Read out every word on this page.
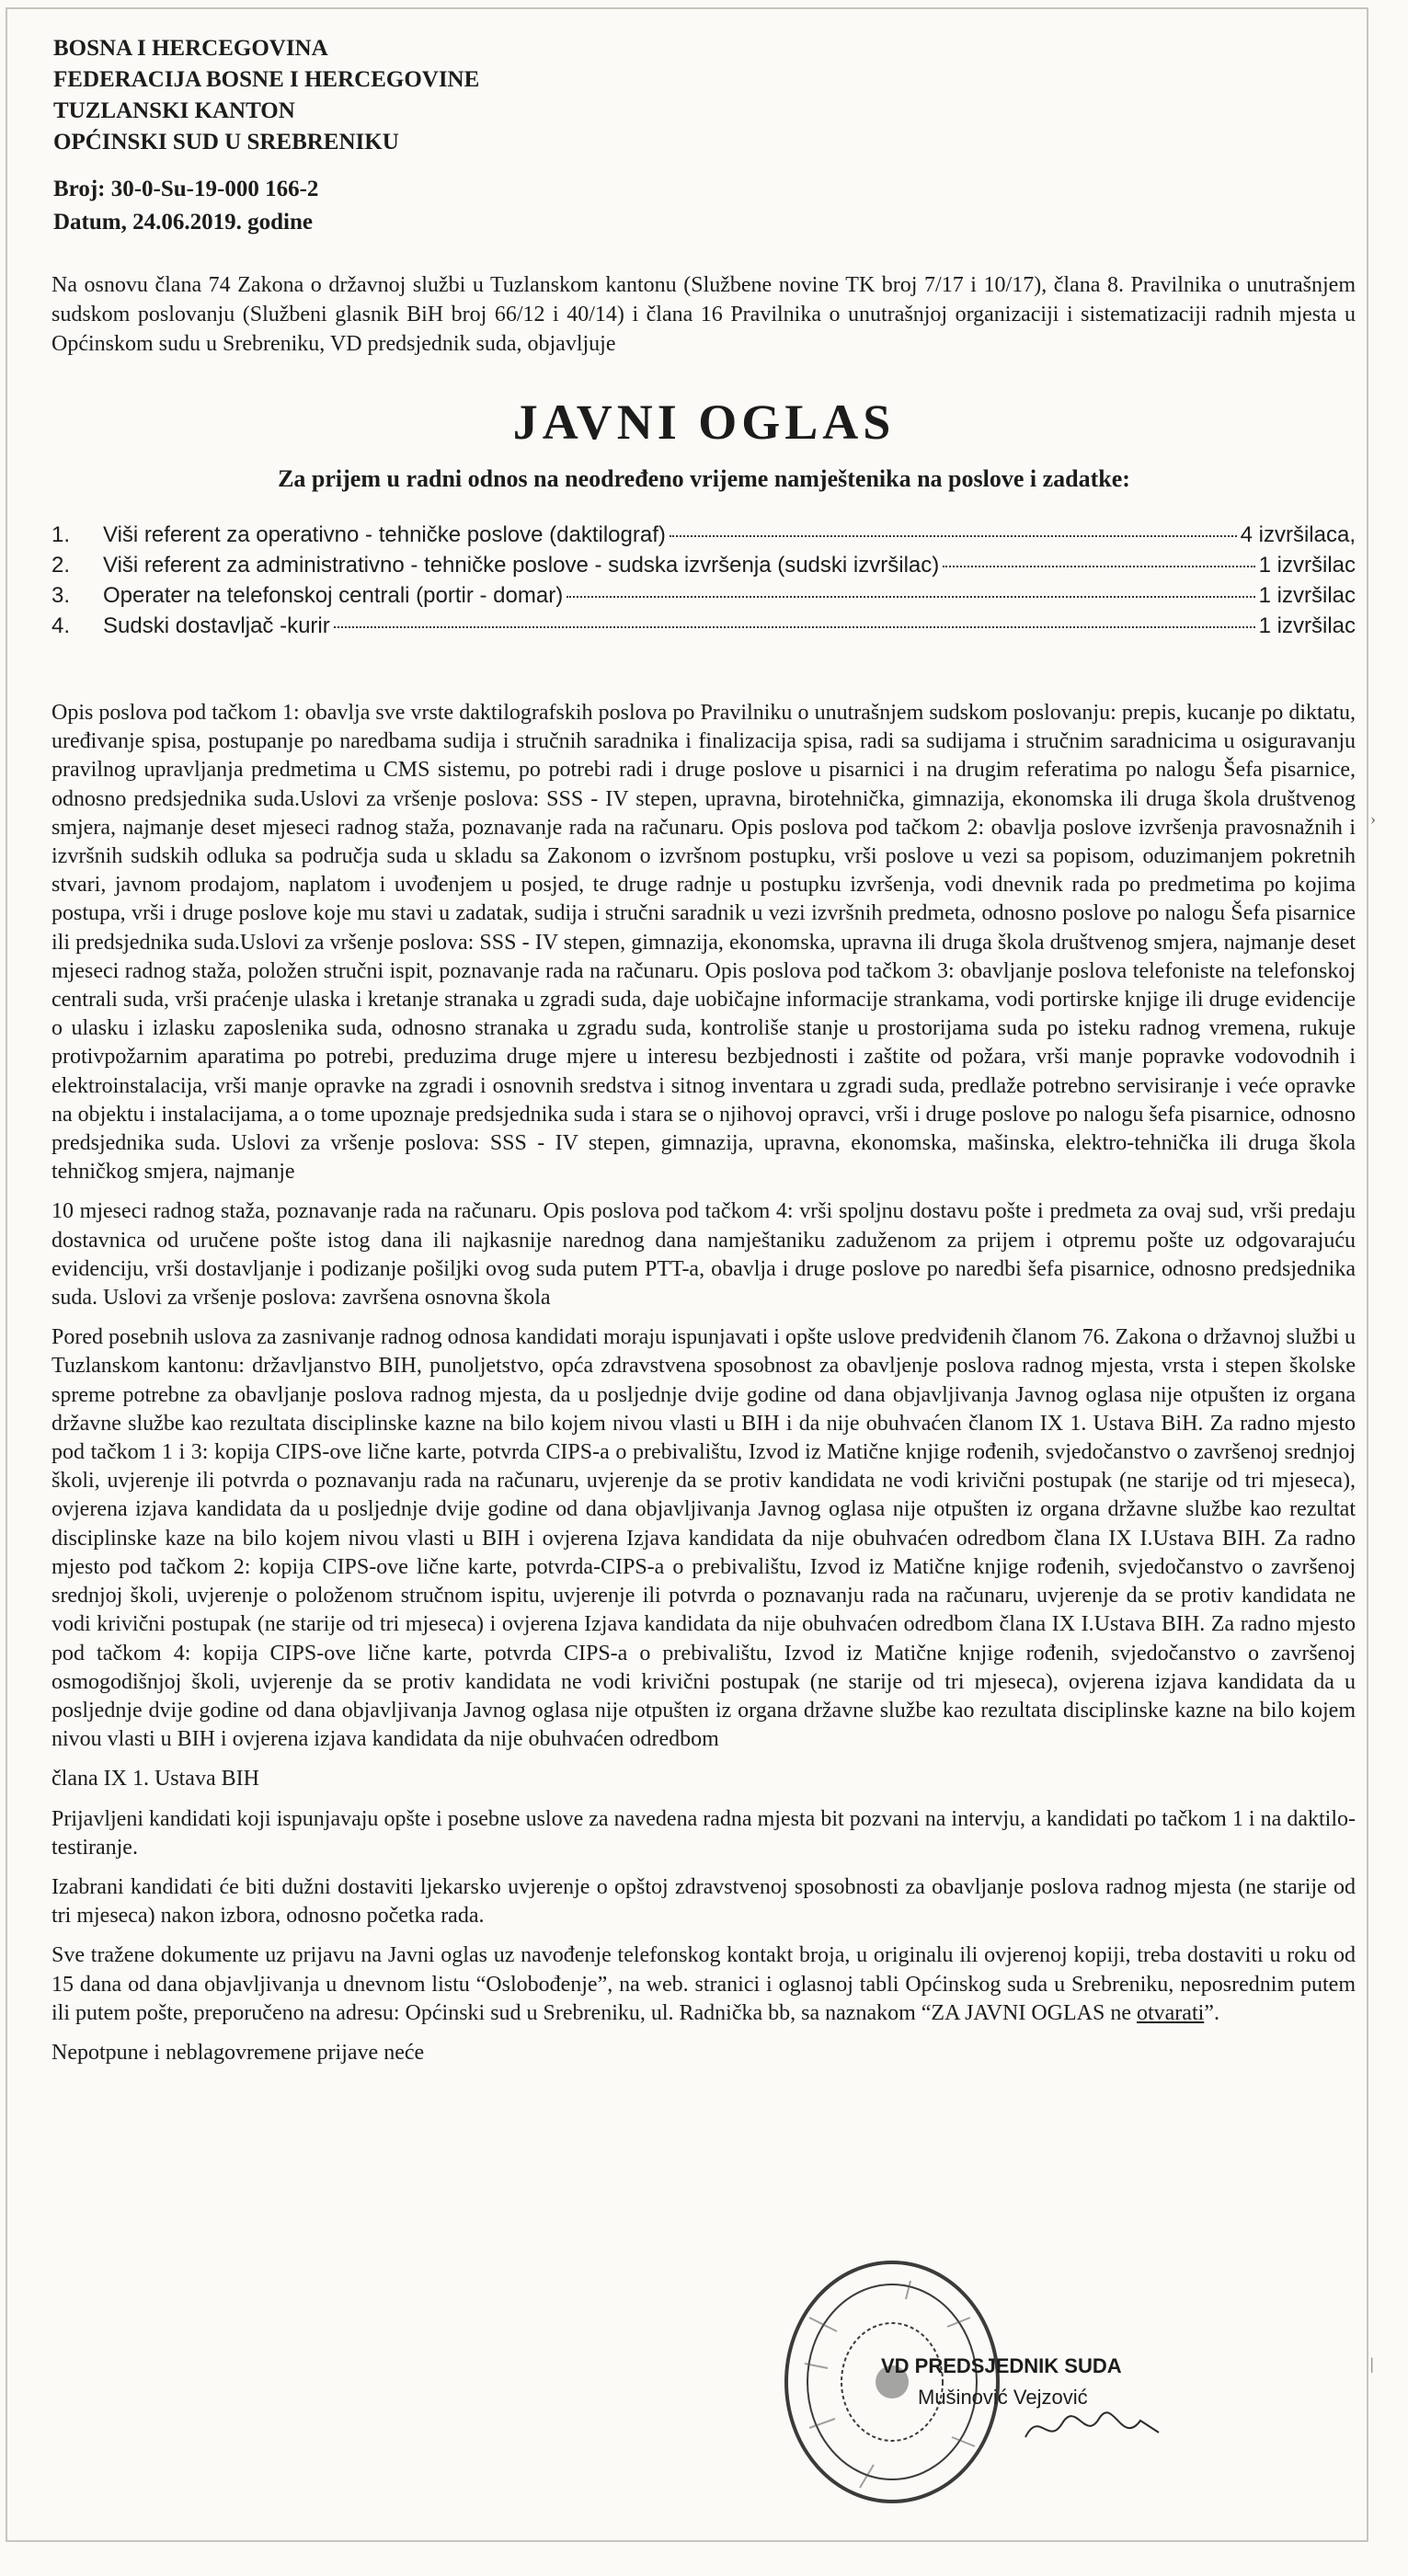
BOSNA I HERCEGOVINA
FEDERACIJA BOSNE I HERCEGOVINE
TUZLANSKI KANTON
OPĆINSKI SUD U SREBRENIKU
Broj: 30-0-Su-19-000 166-2
Datum, 24.06.2019. godine
Na osnovu člana 74 Zakona o državnoj službi u Tuzlanskom kantonu (Službene novine TK broj 7/17 i 10/17), člana 8. Pravilnika o unutrašnjem sudskom poslovanju (Službeni glasnik BiH broj 66/12 i 40/14) i člana 16 Pravilnika o unutrašnjoj organizaciji i sistematizaciji radnih mjesta u Općinskom sudu u Srebreniku, VD predsjednik suda, objavljuje
JAVNI OGLAS
Za prijem u radni odnos na neodređeno vrijeme namještenika na poslove i zadatke:
1.	Viši referent za operativno - tehničke poslove (daktilograf)	4 izvršilaca,
2.	Viši referent za administrativno - tehničke poslove - sudska izvršenja (sudski izvršilac)	1 izvršilac
3.	Operater na telefonskoj centrali (portir - domar)	1 izvršilac
4.	Sudski dostavljač -kurir	1 izvršilac

Opis poslova pod tačkom 1: obavlja sve vrste daktilografskih poslova po Pravilniku o unutrašnjem sudskom poslovanju: prepis, kucanje po diktatu, uređivanje spisa, postupanje po naredbama sudija i stručnih saradnika i finalizacija spisa, radi sa sudijama i stručnim saradnicima u osiguravanju pravilnog upravljanja predmetima u CMS sistemu, po potrebi radi i druge poslove u pisarnici i na drugim referatima po nalogu Šefa pisarnice, odnosno predsjednika suda.Uslovi za vršenje poslova: SSS - IV stepen, upravna, birotehnička, gimnazija, ekonomska ili druga škola društvenog smjera, najmanje deset mjeseci radnog staža, poznavanje rada na računaru. Opis poslova pod tačkom 2: obavlja poslove izvršenja pravosnažnih i izvršnih sudskih odluka sa područja suda u skladu sa Zakonom o izvršnom postupku, vrši poslove u vezi sa popisom, oduzimanjem pokretnih stvari, javnom prodajom, naplatom i uvođenjem u posjed, te druge radnje u postupku izvršenja, vodi dnevnik rada po predmetima po kojima postupa, vrši i druge poslove koje mu stavi u zadatak, sudija i stručni saradnik u vezi izvršnih predmeta, odnosno poslove po nalogu Šefa pisarnice ili predsjednika suda.Uslovi za vršenje poslova: SSS - IV stepen, gimnazija, ekonomska, upravna ili druga škola društvenog smjera, najmanje deset mjeseci radnog staža, položen stručni ispit, poznavanje rada na računaru. Opis poslova pod tačkom 3: obavljanje poslova telefoniste na telefonskoj centrali suda, vrši praćenje ulaska i kretanje stranaka u zgradi suda, daje uobičajne informacije strankama, vodi portirske knjige ili druge evidencije o ulasku i izlasku zaposlenika suda, odnosno stranaka u zgradu suda, kontroliše stanje u prostorijama suda po isteku radnog vremena, rukuje protivpožarnim aparatima po potrebi, preduzima druge mjere u interesu bezbjednosti i zaštite od požara, vrši manje popravke vodovodnih i elektroinstalacija, vrši manje opravke na zgradi i osnovnih sredstva i sitnog inventara u zgradi suda, predlaže potrebno servisiranje i veće opravke na objektu i instalacijama, a o tome upoznaje predsjednika suda i stara se o njihovoj opravci, vrši i druge poslove po nalogu šefa pisarnice, odnosno predsjednika suda. Uslovi za vršenje poslova: SSS - IV stepen, gimnazija, upravna, ekonomska, mašinska, elektro-tehnička ili druga škola tehničkog smjera, najmanje

10 mjeseci radnog staža, poznavanje rada na računaru. Opis poslova pod tačkom 4: vrši spoljnu dostavu pošte i predmeta za ovaj sud, vrši predaju dostavnica od uručene pošte istog dana ili najkasnije narednog dana namještaniku zaduženom za prijem i otpremu pošte uz odgovarajuću evidenciju, vrši dostavljanje i podizanje pošiljki ovog suda putem PTT-a, obavlja i druge poslove po naredbi šefa pisarnice, odnosno predsjednika suda. Uslovi za vršenje poslova: završena osnovna škola

Pored posebnih uslova za zasnivanje radnog odnosa kandidati moraju ispunjavati i opšte uslove predviđenih članom 76. Zakona o državnoj službi u Tuzlanskom kantonu: državljanstvo BIH, punoljetstvo, opća zdravstvena sposobnost za obavljenje poslova radnog mjesta, vrsta i stepen školske spreme potrebne za obavljanje poslova radnog mjesta, da u posljednje dvije godine od dana objavljivanja Javnog oglasa nije otpušten iz organa državne službe kao rezultata disciplinske kazne na bilo kojem nivou vlasti u BIH i da nije obuhvaćen članom IX 1. Ustava BiH. Za radno mjesto pod tačkom 1 i 3: kopija CIPS-ove lične karte, potvrda CIPS-a o prebivalištu, Izvod iz Matične knjige rođenih, svjedočanstvo o završenoj srednjoj školi, uvjerenje ili potvrda o poznavanju rada na računaru, uvjerenje da se protiv kandidata ne vodi krivični postupak (ne starije od tri mjeseca), ovjerena izjava kandidata da u posljednje dvije godine od dana objavljivanja Javnog oglasa nije otpušten iz organa državne službe kao rezultat disciplinske kaze na bilo kojem nivou vlasti u BIH i ovjerena Izjava kandidata da nije obuhvaćen odredbom člana IX I.Ustava BIH. Za radno mjesto pod tačkom 2: kopija CIPS-ove lične karte, potvrda-CIPS-a o prebivalištu, Izvod iz Matične knjige rođenih, svjedočanstvo o završenoj srednjoj školi, uvjerenje o položenom stručnom ispitu, uvjerenje ili potvrda o poznavanju rada na računaru, uvjerenje da se protiv kandidata ne vodi krivični postupak (ne starije od tri mjeseca) i ovjerena Izjava kandidata da nije obuhvaćen odredbom člana IX I.Ustava BIH. Za radno mjesto pod tačkom 4: kopija CIPS-ove lične karte, potvrda CIPS-a o prebivalištu, Izvod iz Matične knjige rođenih, svjedočanstvo o završenoj osmogodišnjoj školi, uvjerenje da se protiv kandidata ne vodi krivični postupak (ne starije od tri mjeseca), ovjerena izjava kandidata da u posljednje dvije godine od dana objavljivanja Javnog oglasa nije otpušten iz organa državne službe kao rezultata disciplinske kazne na bilo kojem nivou vlasti u BIH i ovjerena izjava kandidata da nije obuhvaćen odredbom

člana IX 1. Ustava BIH

Prijavljeni kandidati koji ispunjavaju opšte i posebne uslove za navedena radna mjesta bit pozvani na intervju, a kandidati po tačkom 1 i na daktilo-testiranje.

Izabrani kandidati će biti dužni dostaviti ljekarsko uvjerenje o opštoj zdravstvenoj sposobnosti za obavljanje poslova radnog mjesta (ne starije od tri mjeseca) nakon izbora, odnosno početka rada.

Sve tražene dokumente uz prijavu na Javni oglas uz navođenje telefonskog kontakt broja, u originalu ili ovjerenoj kopiji, treba dostaviti u roku od 15 dana od dana objavljivanja u dnevnom listu “Oslobođenje”, na web. stranici i oglasnoj tabli Općinskog suda u Srebreniku, neposrednim putem ili putem pošte, preporučeno na adresu: Općinski sud u Srebreniku, ul. Radnička bb, sa naznakom “ZA JAVNI OGLAS ne otvarati”.

Nepotpune i neblagovremene prijave neće

VD PREDSJEDNIK SUDA
Mušinović Vejzović
›
|
